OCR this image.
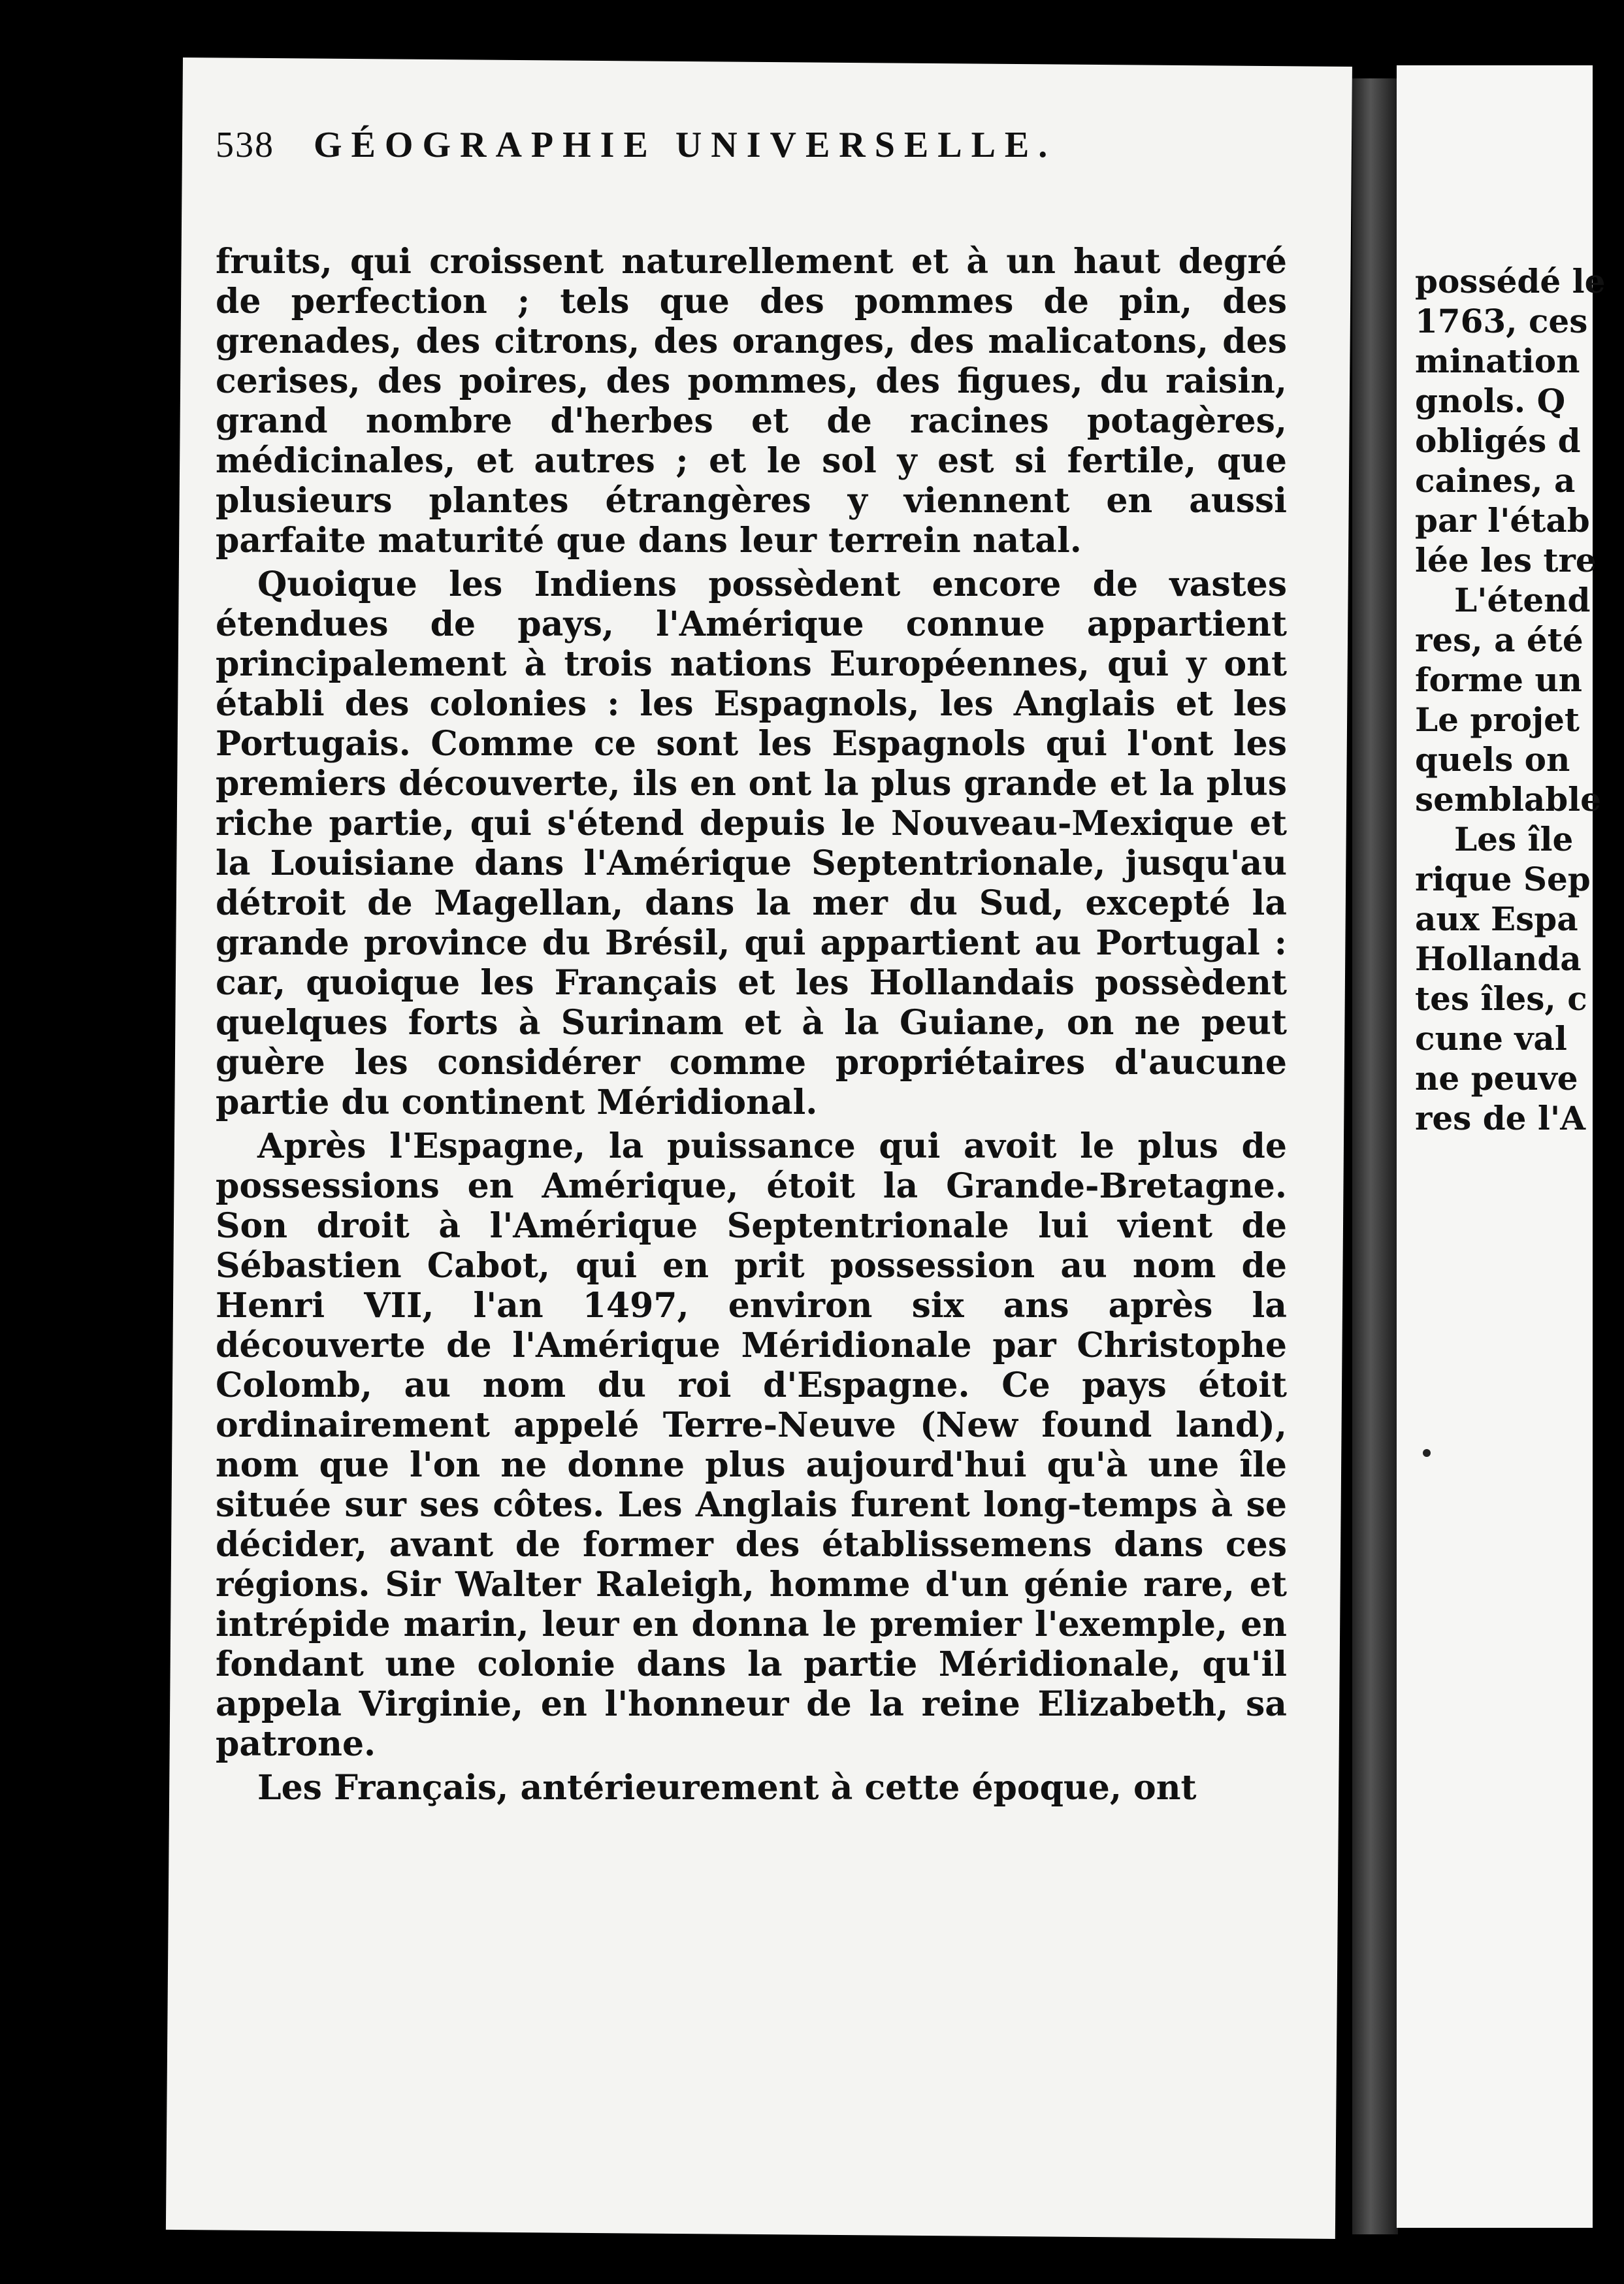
possédé le
1763, ces
mination
gnols. Q
obligés d
caines, a
par l'étab
lée les tre
L'étend
res, a été
forme un
Le projet
quels on
semblable
Les île
rique Sep
aux Espa
Hollanda
tes îles, c
cune val
ne peuve
res de l'A
538 GÉOGRAPHIE UNIVERSELLE.

fruits, qui croissent naturellement et à un haut degré de perfection ; tels que des pommes de pin, des grenades, des citrons, des oranges, des malicatons, des cerises, des poires, des pommes, des figues, du raisin, grand nombre d'herbes et de racines potagères, médicinales, et autres ; et le sol y est si fertile, que plusieurs plantes étrangères y viennent en aussi parfaite maturité que dans leur terrein natal.

Quoique les Indiens possèdent encore de vastes étendues de pays, l'Amérique connue appartient principalement à trois nations Européennes, qui y ont établi des colonies : les Espagnols, les Anglais et les Portugais. Comme ce sont les Espagnols qui l'ont les premiers découverte, ils en ont la plus grande et la plus riche partie, qui s'étend depuis le Nouveau-Mexique et la Louisiane dans l'Amérique Septentrionale, jusqu'au détroit de Magellan, dans la mer du Sud, excepté la grande province du Brésil, qui appartient au Portugal : car, quoique les Français et les Hollandais possèdent quelques forts à Surinam et à la Guiane, on ne peut guère les considérer comme propriétaires d'aucune partie du continent Méridional.

Après l'Espagne, la puissance qui avoit le plus de possessions en Amérique, étoit la Grande-Bretagne. Son droit à l'Amérique Septentrionale lui vient de Sébastien Cabot, qui en prit possession au nom de Henri VII, l'an 1497, environ six ans après la découverte de l'Amérique Méridionale par Christophe Colomb, au nom du roi d'Espagne. Ce pays étoit ordinairement appelé Terre-Neuve (New found land), nom que l'on ne donne plus aujourd'hui qu'à une île située sur ses côtes. Les Anglais furent long-temps à se décider, avant de former des établissemens dans ces régions. Sir Walter Raleigh, homme d'un génie rare, et intrépide marin, leur en donna le premier l'exemple, en fondant une colonie dans la partie Méridionale, qu'il appela Virginie, en l'honneur de la reine Elizabeth, sa patrone.

Les Français, antérieurement à cette époque, ont
